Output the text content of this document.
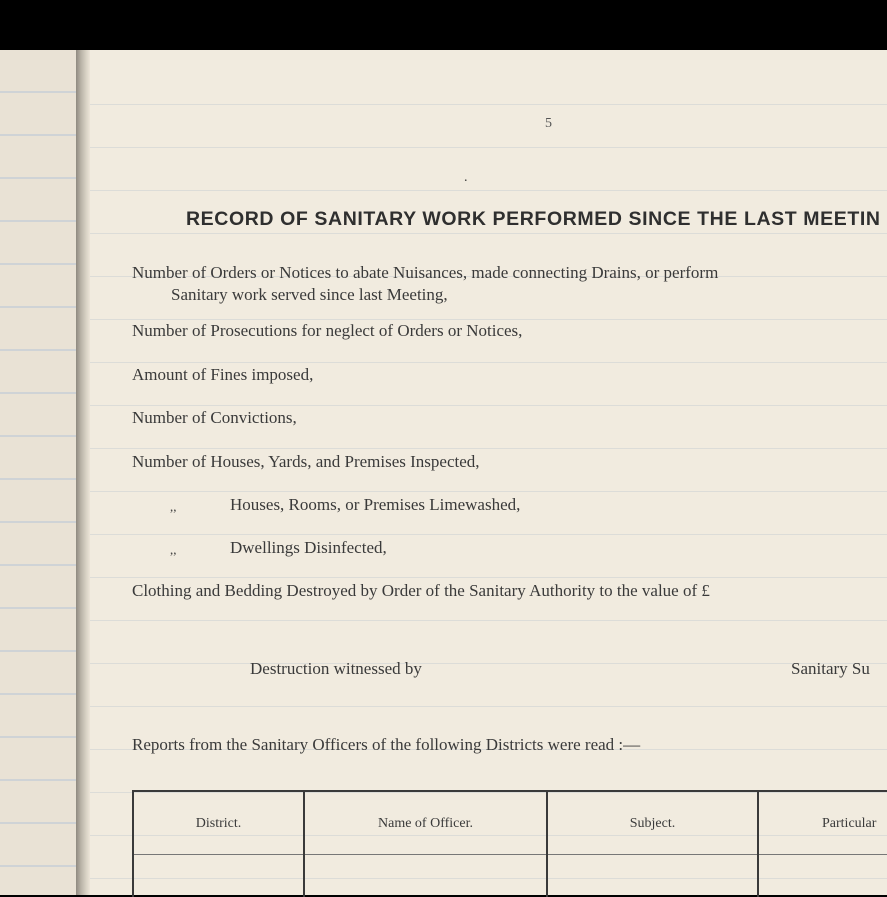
5
.
RECORD OF SANITARY WORK PERFORMED SINCE THE LAST MEETIN
Number of Orders or Notices to abate Nuisances, made connecting Drains, or perform
Sanitary work served since last Meeting,
Number of Prosecutions for neglect of Orders or Notices,
Amount of Fines imposed,
Number of Convictions,
Number of Houses, Yards, and Premises Inspected,
,,	Houses, Rooms, or Premises Limewashed,
,,	Dwellings Disinfected,
Clothing and Bedding Destroyed by Order of the Sanitary Authority to the value of £
Destruction witnessed by	Sanitary Su
Reports from the Sanitary Officers of the following Districts were read :—
District.	Name of Officer.	Subject.	Particular
